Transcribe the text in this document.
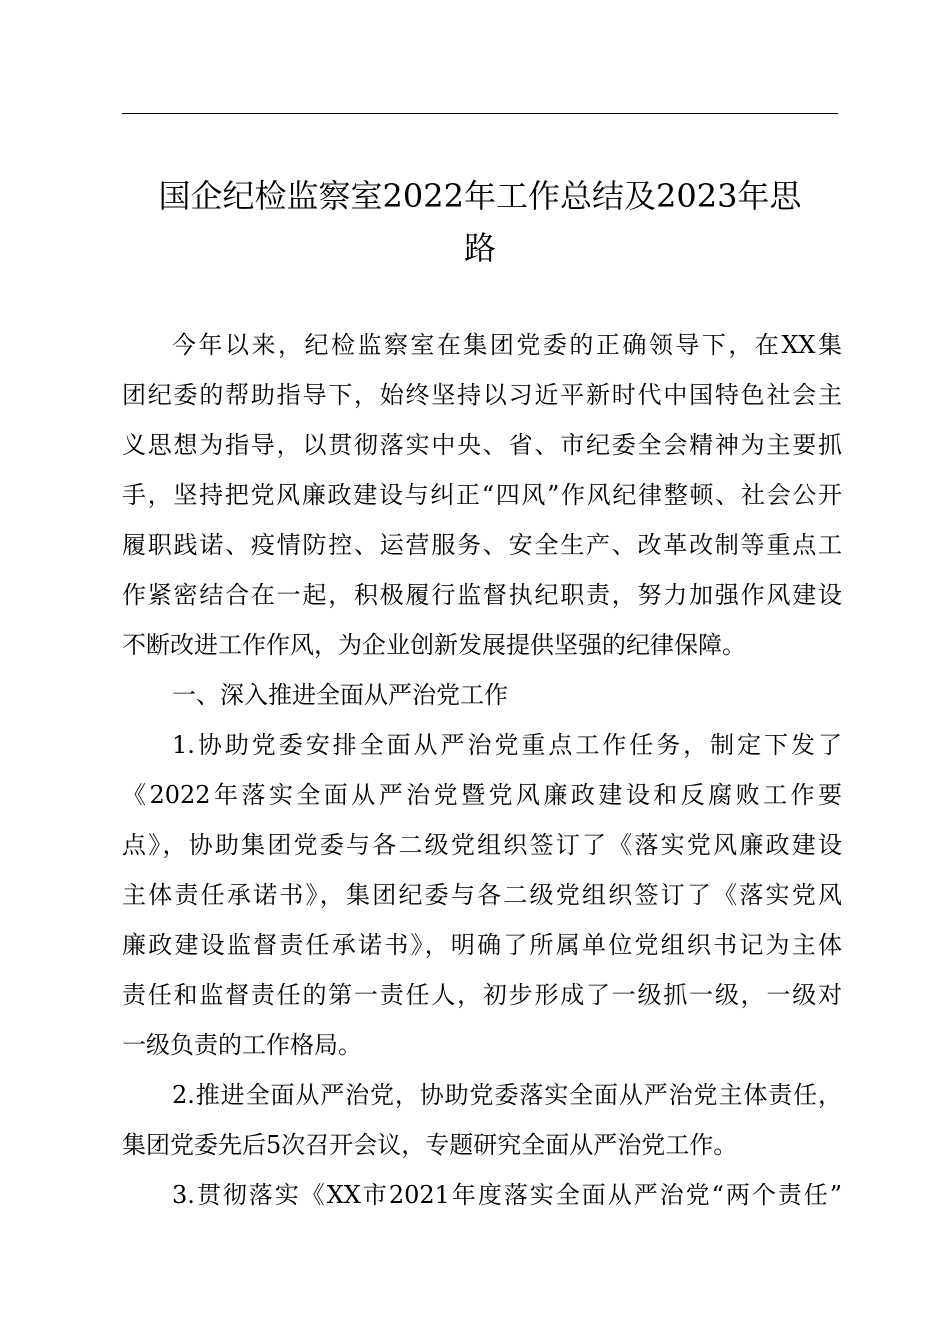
国企纪检监察室2022年工作总结及2023年思
路

今年以来，纪检监察室在集团党委的正确领导下，在XX集

团纪委的帮助指导下，始终坚持以习近平新时代中国特色社会主

义思想为指导，以贯彻落实中央、省、市纪委全会精神为主要抓

手，坚持把党风廉政建设与纠正“四风”作风纪律整顿、社会公开

履职践诺、疫情防控、运营服务、安全生产、改革改制等重点工

作紧密结合在一起，积极履行监督执纪职责，努力加强作风建设

不断改进工作作风，为企业创新发展提供坚强的纪律保障。

一、深入推进全面从严治党工作

1.协助党委安排全面从严治党重点工作任务，制定下发了

《2022年落实全面从严治党暨党风廉政建设和反腐败工作要

点》，协助集团党委与各二级党组织签订了《落实党风廉政建设

主体责任承诺书》，集团纪委与各二级党组织签订了《落实党风

廉政建设监督责任承诺书》，明确了所属单位党组织书记为主体

责任和监督责任的第一责任人，初步形成了一级抓一级，一级对

一级负责的工作格局。

2.推进全面从严治党，协助党委落实全面从严治党主体责任，

集团党委先后5次召开会议，专题研究全面从严治党工作。

3.贯彻落实《XX市2021年度落实全面从严治党“两个责任”
